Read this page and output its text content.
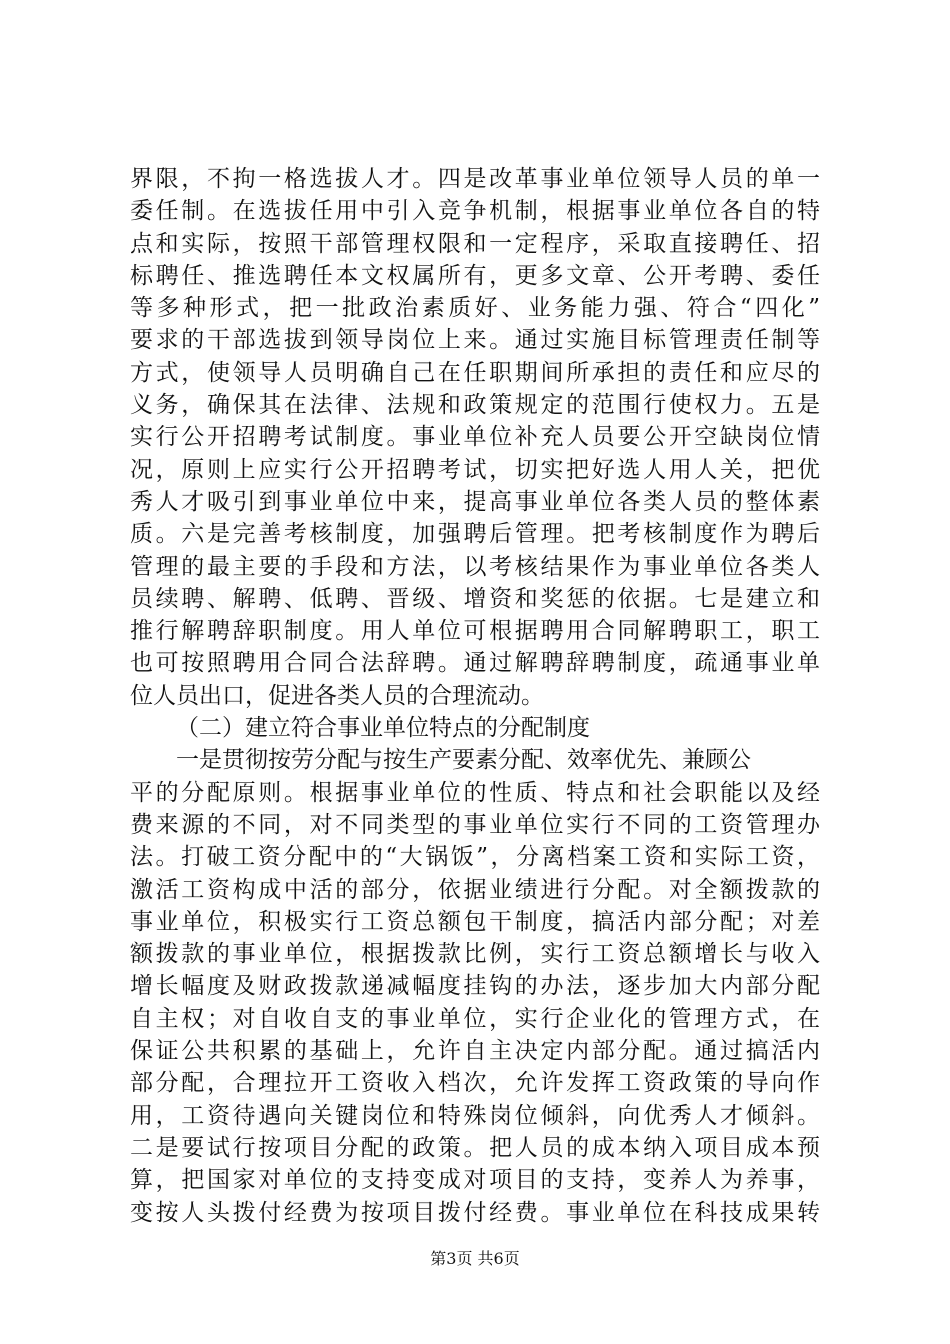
界限，不拘一格选拔人才。四是改革事业单位领导人员的单一
委任制。在选拔任用中引入竞争机制，根据事业单位各自的特
点和实际，按照干部管理权限和一定程序，采取直接聘任、招
标聘任、推选聘任本文权属所有，更多文章、公开考聘、委任
等多种形式，把一批政治素质好、业务能力强、符合“四化”
要求的干部选拔到领导岗位上来。通过实施目标管理责任制等
方式，使领导人员明确自己在任职期间所承担的责任和应尽的
义务，确保其在法律、法规和政策规定的范围行使权力。五是
实行公开招聘考试制度。事业单位补充人员要公开空缺岗位情
况，原则上应实行公开招聘考试，切实把好选人用人关，把优
秀人才吸引到事业单位中来，提高事业单位各类人员的整体素
质。六是完善考核制度，加强聘后管理。把考核制度作为聘后
管理的最主要的手段和方法，以考核结果作为事业单位各类人
员续聘、解聘、低聘、晋级、增资和奖惩的依据。七是建立和
推行解聘辞职制度。用人单位可根据聘用合同解聘职工，职工
也可按照聘用合同合法辞聘。通过解聘辞聘制度，疏通事业单
位人员出口，促进各类人员的合理流动。
（二）建立符合事业单位特点的分配制度
一是贯彻按劳分配与按生产要素分配、效率优先、兼顾公
平的分配原则。根据事业单位的性质、特点和社会职能以及经
费来源的不同，对不同类型的事业单位实行不同的工资管理办
法。打破工资分配中的“大锅饭”，分离档案工资和实际工资，
激活工资构成中活的部分，依据业绩进行分配。对全额拨款的
事业单位，积极实行工资总额包干制度，搞活内部分配；对差
额拨款的事业单位，根据拨款比例，实行工资总额增长与收入
增长幅度及财政拨款递减幅度挂钩的办法，逐步加大内部分配
自主权；对自收自支的事业单位，实行企业化的管理方式，在
保证公共积累的基础上，允许自主决定内部分配。通过搞活内
部分配，合理拉开工资收入档次，允许发挥工资政策的导向作
用，工资待遇向关键岗位和特殊岗位倾斜，向优秀人才倾斜。
二是要试行按项目分配的政策。把人员的成本纳入项目成本预
算，把国家对单位的支持变成对项目的支持，变养人为养事，
变按人头拨付经费为按项目拨付经费。事业单位在科技成果转
第3页 共6页
